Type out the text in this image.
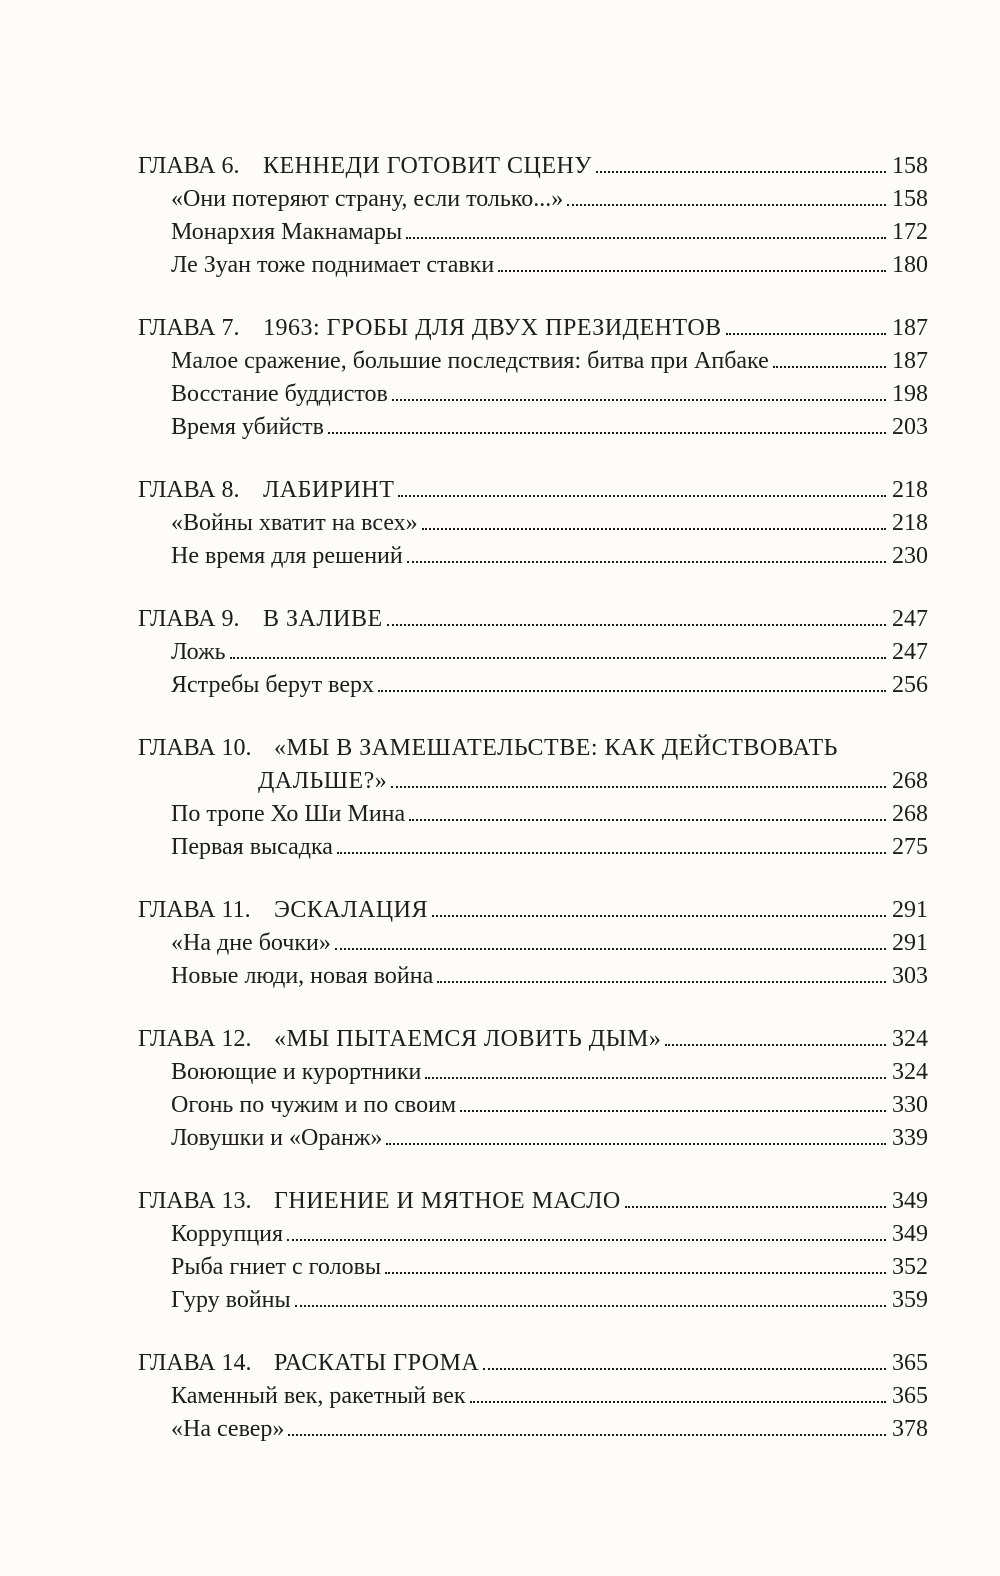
ГЛАВА 6. КЕННЕДИ ГОТОВИТ СЦЕНУ	158
«Они потеряют страну, если только...»	158
Монархия Макнамары	172
Ле Зуан тоже поднимает ставки	180
ГЛАВА 7. 1963: ГРОБЫ ДЛЯ ДВУХ ПРЕЗИДЕНТОВ	187
Малое сражение, большие последствия: битва при Апбаке	187
Восстание буддистов	198
Время убийств	203
ГЛАВА 8. ЛАБИРИНТ	218
«Войны хватит на всех»	218
Не время для решений	230
ГЛАВА 9. В ЗАЛИВЕ	247
Ложь	247
Ястребы берут верх	256
ГЛАВА 10. «МЫ В ЗАМЕШАТЕЛЬСТВЕ: КАК ДЕЙСТВОВАТЬ
ДАЛЬШЕ?»	268
По тропе Хо Ши Мина	268
Первая высадка	275
ГЛАВА 11. ЭСКАЛАЦИЯ	291
«На дне бочки»	291
Новые люди, новая война	303
ГЛАВА 12. «МЫ ПЫТАЕМСЯ ЛОВИТЬ ДЫМ»	324
Воюющие и курортники	324
Огонь по чужим и по своим	330
Ловушки и «Оранж»	339
ГЛАВА 13. ГНИЕНИЕ И МЯТНОЕ МАСЛО	349
Коррупция	349
Рыба гниет с головы	352
Гуру войны	359
ГЛАВА 14. РАСКАТЫ ГРОМА	365
Каменный век, ракетный век	365
«На север»	378
